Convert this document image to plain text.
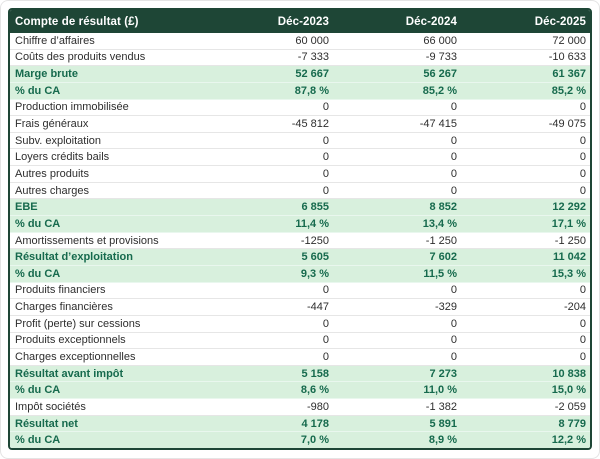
Compte de résultat (£)	Déc-2023	Déc-2024	Déc-2025
Chiffre d’affaires	60 000	66 000	72 000
Coûts des produits vendus	-7 333	-9 733	-10 633
Marge brute	52 667	56 267	61 367
% du CA	87,8 %	85,2 %	85,2 %
Production immobilisée	0	0	0
Frais généraux	-45 812	-47 415	-49 075
Subv. exploitation	0	0	0
Loyers crédits bails	0	0	0
Autres produits	0	0	0
Autres charges	0	0	0
EBE	6 855	8 852	12 292
% du CA	11,4 %	13,4 %	17,1 %
Amortissements et provisions	-1250	-1 250	-1 250
Résultat d’exploitation	5 605	7 602	11 042
% du CA	9,3 %	11,5 %	15,3 %
Produits financiers	0	0	0
Charges financières	-447	-329	-204
Profit (perte) sur cessions	0	0	0
Produits exceptionnels	0	0	0
Charges exceptionnelles	0	0	0
Résultat avant impôt	5 158	7 273	10 838
% du CA	8,6 %	11,0 %	15,0 %
Impôt sociétés	-980	-1 382	-2 059
Résultat net	4 178	5 891	8 779
% du CA	7,0 %	8,9 %	12,2 %
